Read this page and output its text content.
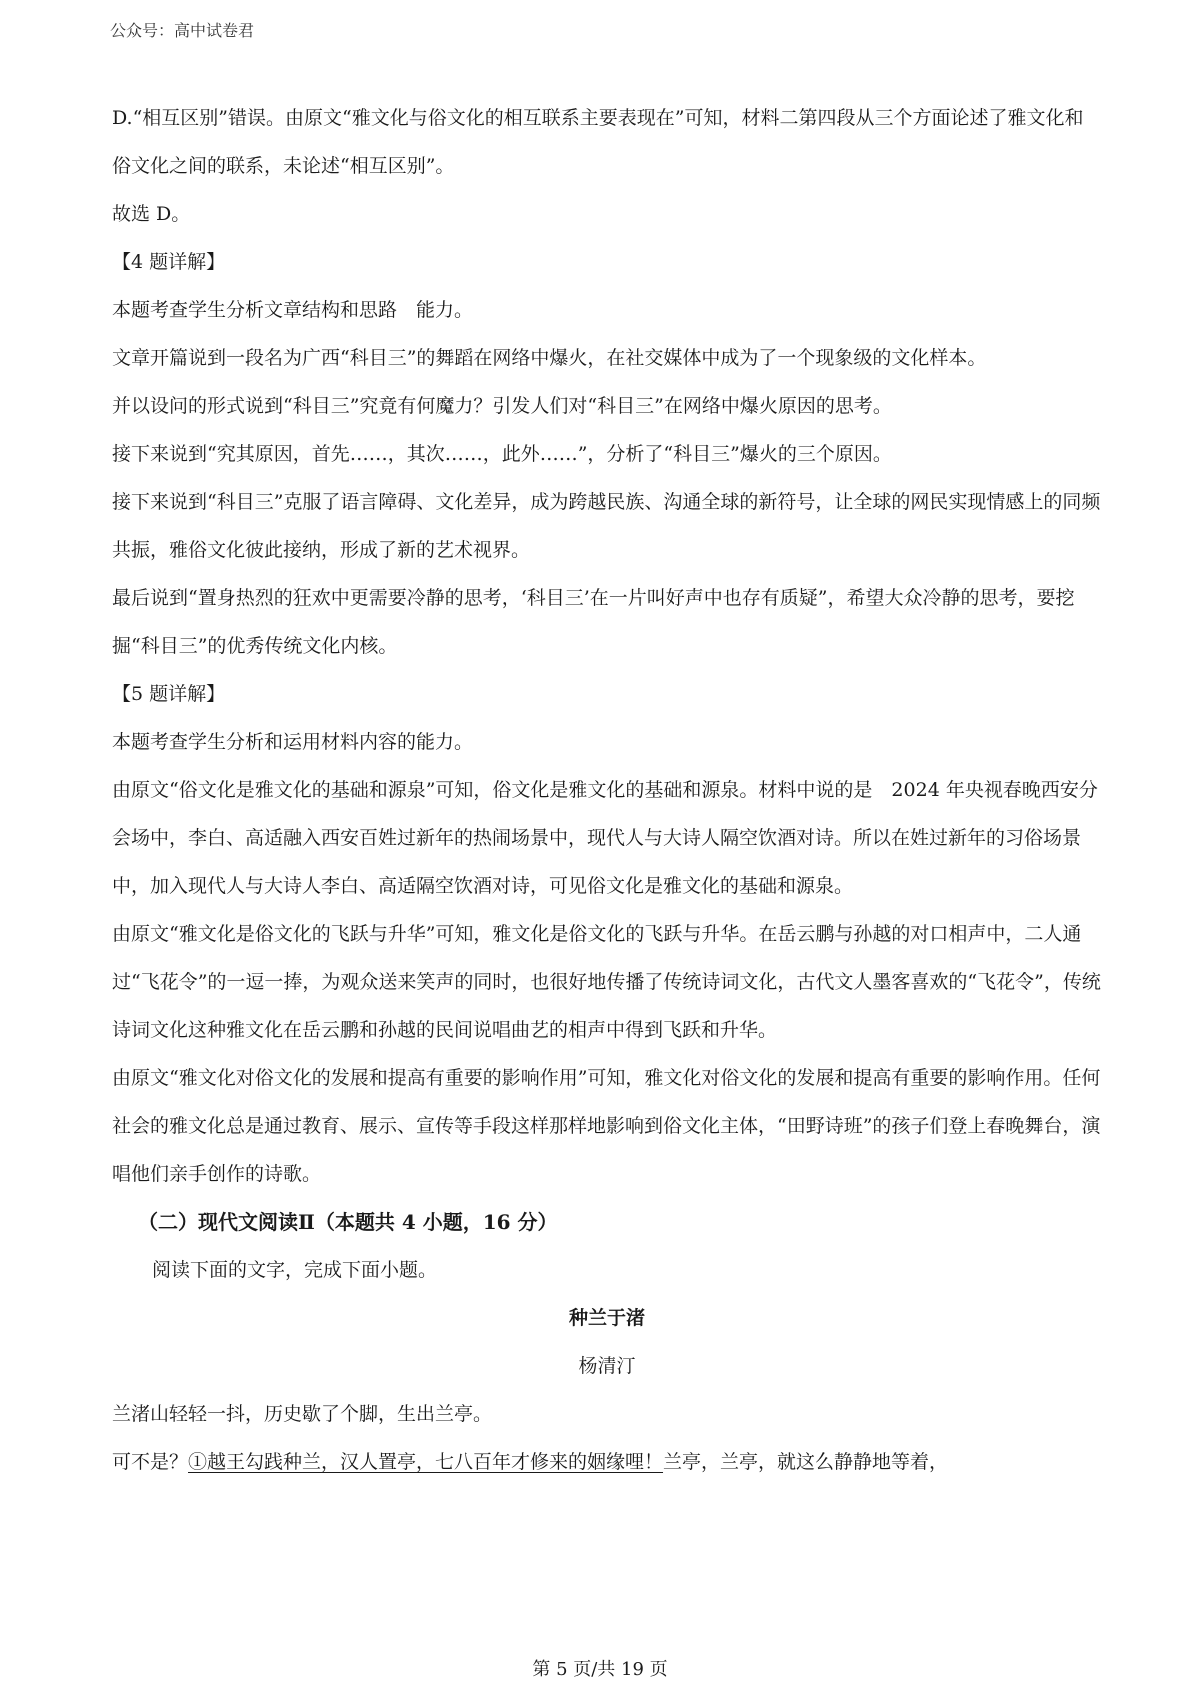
公众号：高中试卷君

D.“相互区别”错误。由原文“雅文化与俗文化的相互联系主要表现在”可知，材料二第四段从三个方面论述了雅文化和俗文化之间的联系，未论述“相互区别”。

故选 D。

【4 题详解】

本题考查学生分析文章结构和思路　能力。

文章开篇说到一段名为广西“科目三”的舞蹈在网络中爆火，在社交媒体中成为了一个现象级的文化样本。

并以设问的形式说到“科目三”究竟有何魔力？引发人们对“科目三”在网络中爆火原因的思考。

接下来说到“究其原因，首先……，其次……，此外……”，分析了“科目三”爆火的三个原因。

接下来说到“科目三”克服了语言障碍、文化差异，成为跨越民族、沟通全球的新符号，让全球的网民实现情感上的同频共振，雅俗文化彼此接纳，形成了新的艺术视界。

最后说到“置身热烈的狂欢中更需要冷静的思考，‘科目三’在一片叫好声中也存有质疑”，希望大众冷静的思考，要挖掘“科目三”的优秀传统文化内核。

【5 题详解】

本题考查学生分析和运用材料内容的能力。

由原文“俗文化是雅文化的基础和源泉”可知，俗文化是雅文化的基础和源泉。材料中说的是　2024 年央视春晚西安分会场中，李白、高适融入西安百姓过新年的热闹场景中，现代人与大诗人隔空饮酒对诗。所以在姓过新年的习俗场景中，加入现代人与大诗人李白、高适隔空饮酒对诗，可见俗文化是雅文化的基础和源泉。

由原文“雅文化是俗文化的飞跃与升华”可知，雅文化是俗文化的飞跃与升华。在岳云鹏与孙越的对口相声中，二人通过“飞花令”的一逗一捧，为观众送来笑声的同时，也很好地传播了传统诗词文化，古代文人墨客喜欢的“飞花令”，传统诗词文化这种雅文化在岳云鹏和孙越的民间说唱曲艺的相声中得到飞跃和升华。

由原文“雅文化对俗文化的发展和提高有重要的影响作用”可知，雅文化对俗文化的发展和提高有重要的影响作用。任何社会的雅文化总是通过教育、展示、宣传等手段这样那样地影响到俗文化主体，“田野诗班”的孩子们登上春晚舞台，演唱他们亲手创作的诗歌。

（二）现代文阅读Ⅱ（本题共 4 小题，16 分）

阅读下面的文字，完成下面小题。

种兰于渚

杨清汀

兰渚山轻轻一抖，历史歇了个脚，生出兰亭。

可不是？①越王勾践种兰，汉人置亭，七八百年才修来的姻缘哩！兰亭，兰亭，就这么静静地等着，

第 5 页/共 19 页
